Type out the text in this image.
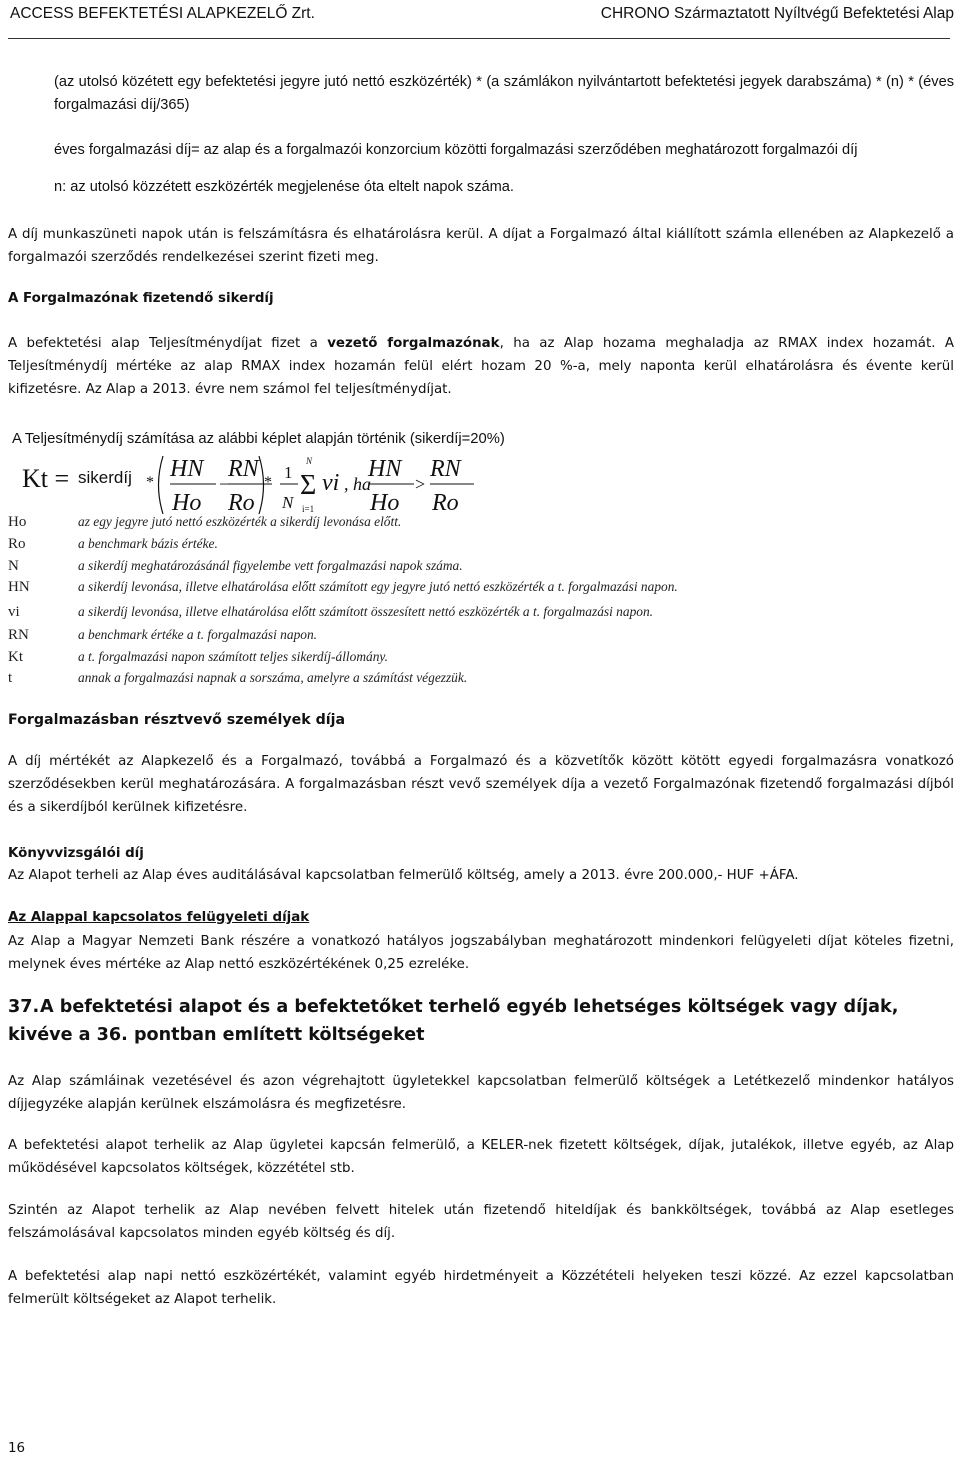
ACCESS BEFEKTETÉSI ALAPKEZELŐ Zrt.	CHRONO Származtatott Nyíltvégű Befektetési Alap

(az utolsó közétett egy befektetési jegyre jutó nettó eszközérték) * (a számlákon nyilvántartott befektetési jegyek darabszáma) * (n) * (éves forgalmazási díj/365)

éves forgalmazási díj= az alap és a forgalmazói konzorcium közötti forgalmazási szerződében meghatározott forgalmazói díj

n: az utolsó közzétett eszközérték megjelenése óta eltelt napok száma.

A díj munkaszüneti napok után is felszámításra és elhatárolásra kerül. A díjat a Forgalmazó által kiállított számla ellenében az Alapkezelő a forgalmazói szerződés rendelkezései szerint fizeti meg.

A Forgalmazónak fizetendő sikerdíj

A befektetési alap Teljesítménydíjat fizet a vezető forgalmazónak, ha az Alap hozama meghaladja az RMAX index hozamát. A Teljesítménydíj mértéke az alap RMAX index hozamán felül elért hozam 20 %-a, mely naponta kerül elhatárolásra és évente kerül kifizetésre. Az Alap a 2013. évre nem számol fel teljesítménydíjat.

A Teljesítménydíj számítása az alábbi képlet alapján történik (sikerdíj=20%)

Kt = sikerdíj *
HN
Ho
−
RN
Ro
*
1
N
N
Σ
i=1
vi , ha
HN
Ho
>
RN
Ro
Ho	az egy jegyre jutó nettó eszközérték a sikerdíj levonása előtt.
Ro	a benchmark bázis értéke.
N	a sikerdíj meghatározásánál figyelembe vett forgalmazási napok száma.
HN	a sikerdíj levonása, illetve elhatárolása előtt számított egy jegyre jutó nettó eszközérték a t. forgalmazási napon.
vi	a sikerdíj levonása, illetve elhatárolása előtt számított összesített nettó eszközérték a t. forgalmazási napon.
RN	a benchmark értéke a t. forgalmazási napon.
Kt	a t. forgalmazási napon számított teljes sikerdíj-állomány.
t	annak a forgalmazási napnak a sorszáma, amelyre a számítást végezzük.

Forgalmazásban résztvevő személyek díja

A díj mértékét az Alapkezelő és a Forgalmazó, továbbá a Forgalmazó és a közvetítők között kötött egyedi forgalmazásra vonatkozó szerződésekben kerül meghatározására. A forgalmazásban részt vevő személyek díja a vezető Forgalmazónak fizetendő forgalmazási díjból és a sikerdíjból kerülnek kifizetésre.

Könyvvizsgálói díj

Az Alapot terheli az Alap éves auditálásával kapcsolatban felmerülő költség, amely a 2013. évre 200.000,- HUF +ÁFA.

Az Alappal kapcsolatos felügyeleti díjak

Az Alap a Magyar Nemzeti Bank részére a vonatkozó hatályos jogszabályban meghatározott mindenkori felügyeleti díjat köteles fizetni, melynek éves mértéke az Alap nettó eszközértékének 0,25 ezreléke.

37.A befektetési alapot és a befektetőket terhelő egyéb lehetséges költségek vagy díjak, kivéve a 36. pontban említett költségeket

Az Alap számláinak vezetésével és azon végrehajtott ügyletekkel kapcsolatban felmerülő költségek a Letétkezelő mindenkor hatályos díjjegyzéke alapján kerülnek elszámolásra és megfizetésre.

A befektetési alapot terhelik az Alap ügyletei kapcsán felmerülő, a KELER-nek fizetett költségek, díjak, jutalékok, illetve egyéb, az Alap működésével kapcsolatos költségek, közzététel stb.

Szintén az Alapot terhelik az Alap nevében felvett hitelek után fizetendő hiteldíjak és bankköltségek, továbbá az Alap esetleges felszámolásával kapcsolatos minden egyéb költség és díj.

A befektetési alap napi nettó eszközértékét, valamint egyéb hirdetményeit a Közzétételi helyeken teszi közzé. Az ezzel kapcsolatban felmerült költségeket az Alapot terhelik.

16
